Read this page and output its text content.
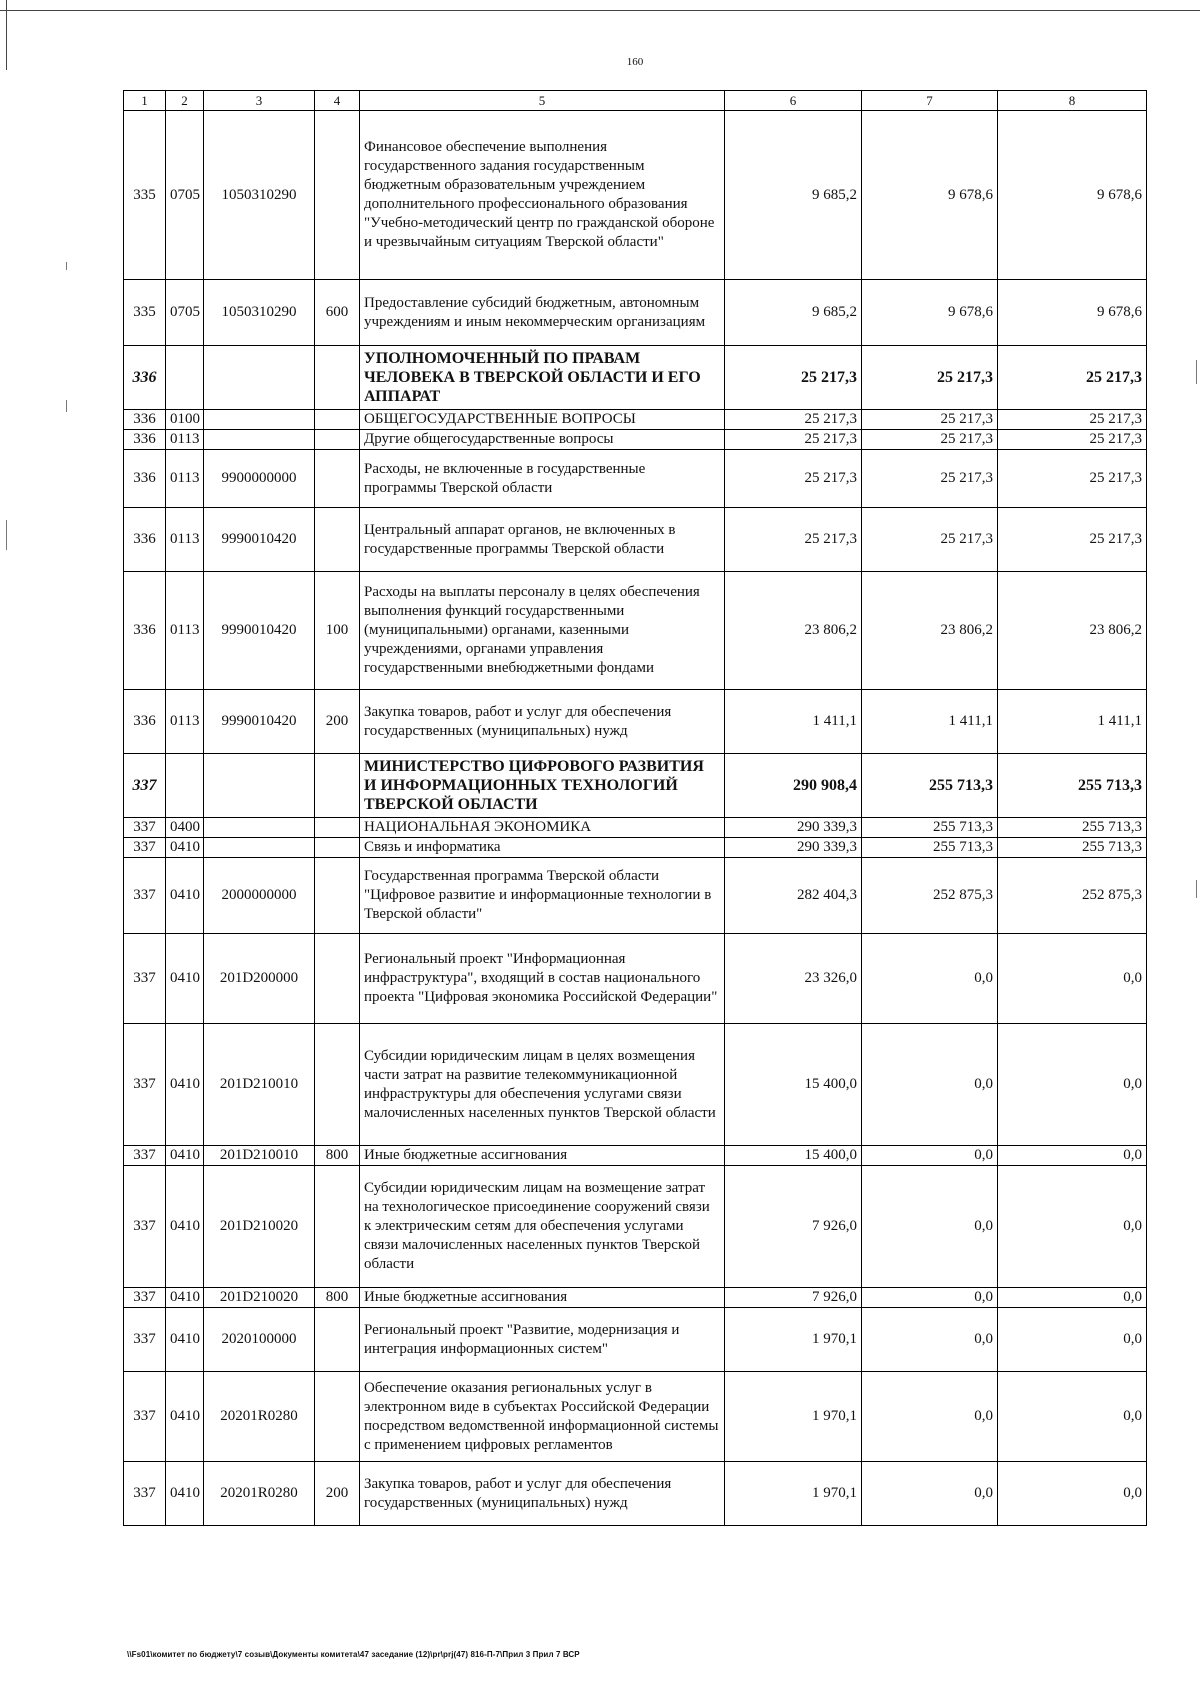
160
1	2	3	4	5	6	7	8
335	0705	1050310290		Финансовое обеспечение выполнения государственного задания государственным бюджетным образовательным учреждением дополнительного профессионального образования "Учебно-методический центр по гражданской обороне и чрезвычайным ситуациям Тверской области"	9 685,2	9 678,6	9 678,6
335	0705	1050310290	600	Предоставление субсидий бюджетным, автономным учреждениям и иным некоммерческим организациям	9 685,2	9 678,6	9 678,6
336				УПОЛНОМОЧЕННЫЙ ПО ПРАВАМ ЧЕЛОВЕКА В ТВЕРСКОЙ ОБЛАСТИ И ЕГО АППАРАТ	25 217,3	25 217,3	25 217,3
336	0100			ОБЩЕГОСУДАРСТВЕННЫЕ ВОПРОСЫ	25 217,3	25 217,3	25 217,3
336	0113			Другие общегосударственные вопросы	25 217,3	25 217,3	25 217,3
336	0113	9900000000		Расходы, не включенные в государственные программы Тверской области	25 217,3	25 217,3	25 217,3
336	0113	9990010420		Центральный аппарат органов, не включенных в государственные программы Тверской области	25 217,3	25 217,3	25 217,3
336	0113	9990010420	100	Расходы на выплаты персоналу в целях обеспечения выполнения функций государственными (муниципальными) органами, казенными учреждениями, органами управления государственными внебюджетными фондами	23 806,2	23 806,2	23 806,2
336	0113	9990010420	200	Закупка товаров, работ и услуг для обеспечения государственных (муниципальных) нужд	1 411,1	1 411,1	1 411,1
337				МИНИСТЕРСТВО ЦИФРОВОГО РАЗВИТИЯ И ИНФОРМАЦИОННЫХ ТЕХНОЛОГИЙ ТВЕРСКОЙ ОБЛАСТИ	290 908,4	255 713,3	255 713,3
337	0400			НАЦИОНАЛЬНАЯ ЭКОНОМИКА	290 339,3	255 713,3	255 713,3
337	0410			Связь и информатика	290 339,3	255 713,3	255 713,3
337	0410	2000000000		Государственная программа Тверской области "Цифровое развитие и информационные технологии в Тверской области"	282 404,3	252 875,3	252 875,3
337	0410	201D200000		Региональный проект "Информационная инфраструктура", входящий в состав национального проекта "Цифровая экономика Российской Федерации"	23 326,0	0,0	0,0
337	0410	201D210010		Субсидии юридическим лицам в целях возмещения части затрат на развитие телекоммуникационной инфраструктуры для обеспечения услугами связи малочисленных населенных пунктов Тверской области	15 400,0	0,0	0,0
337	0410	201D210010	800	Иные бюджетные ассигнования	15 400,0	0,0	0,0
337	0410	201D210020		Субсидии юридическим лицам на возмещение затрат на технологическое присоединение сооружений связи к электрическим сетям для обеспечения услугами связи малочисленных населенных пунктов Тверской области	7 926,0	0,0	0,0
337	0410	201D210020	800	Иные бюджетные ассигнования	7 926,0	0,0	0,0
337	0410	2020100000		Региональный проект "Развитие, модернизация и интеграция информационных систем"	1 970,1	0,0	0,0
337	0410	20201R0280		Обеспечение оказания региональных услуг в электронном виде в субъектах Российской Федерации посредством ведомственной информационной системы с применением цифровых регламентов	1 970,1	0,0	0,0
337	0410	20201R0280	200	Закупка товаров, работ и услуг для обеспечения государственных (муниципальных) нужд	1 970,1	0,0	0,0
\\Fs01\комитет по бюджету\7 созыв\Документы комитета\47 заседание (12)\pr\prj(47) 816-П-7\Прил 3 Прил 7 ВСР
